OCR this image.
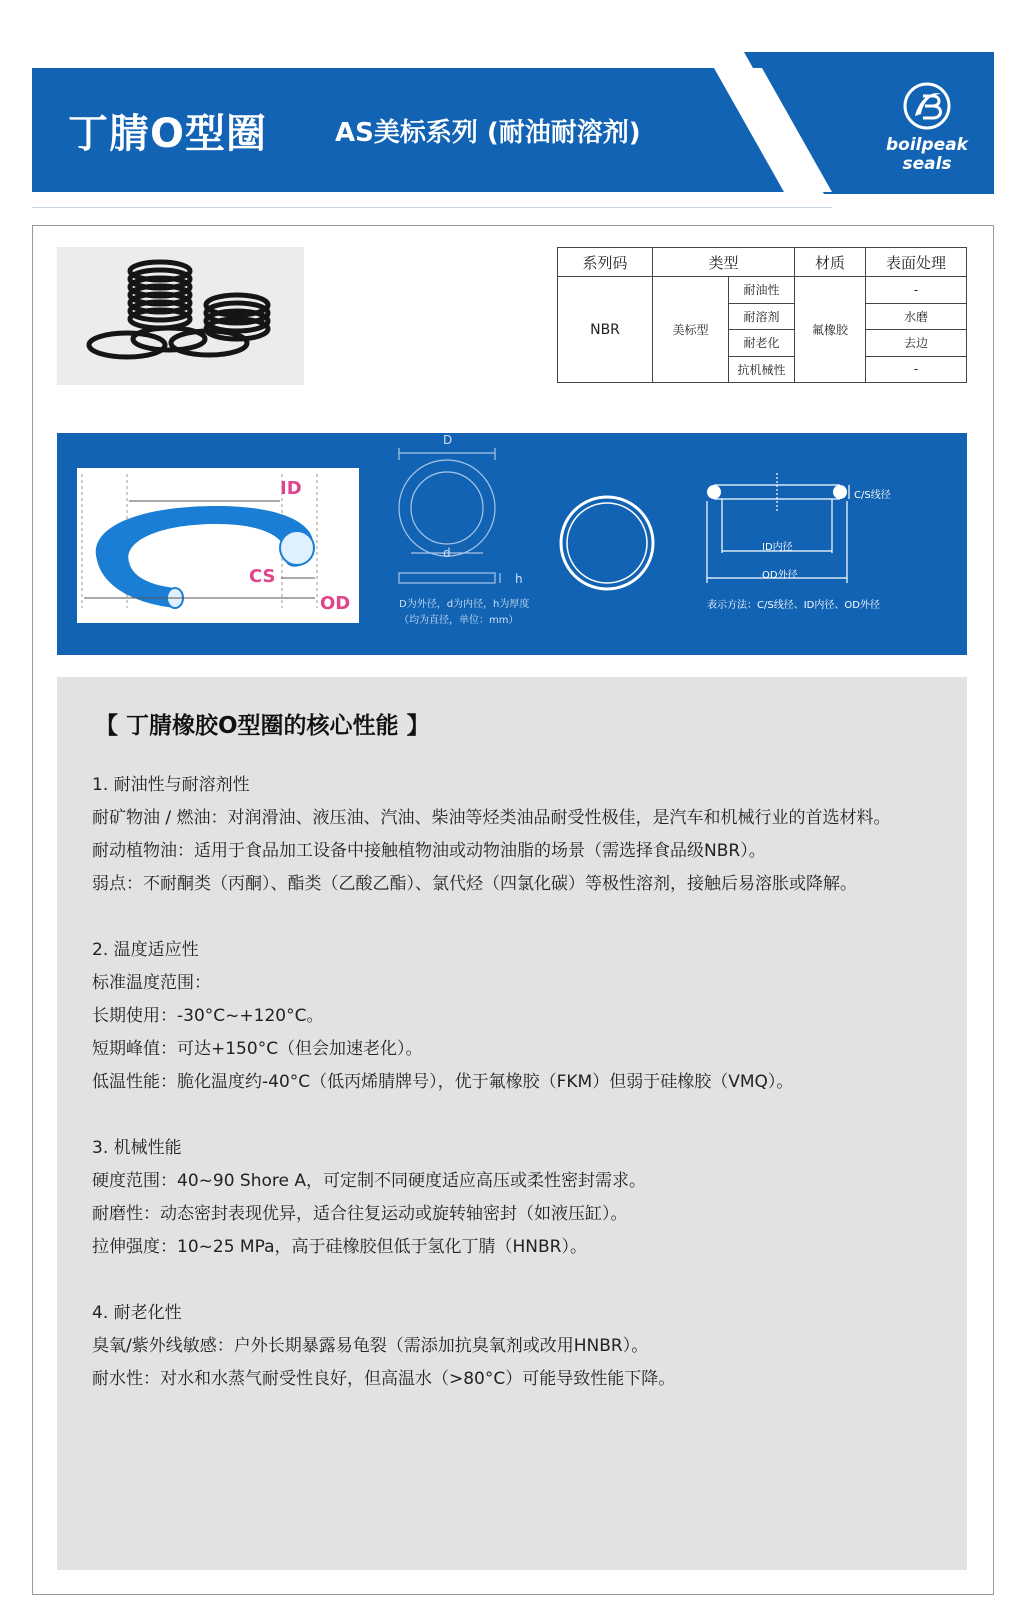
丁腈O型圈	AS美标系列 (耐油耐溶剂)	boilpeak
seals
系列码	类型		材质	表面处理
NBR	美标型	耐油性	氟橡胶	-
		耐溶剂		水磨
		耐老化		去边
		抗机械性		-
ID
CS
OD
D
d
h
D为外径，d为内径，h为厚度
（均为直径，单位：mm）
C/S线径
ID内径
OD外径
表示方法：C/S线径、ID内径、OD外径
【 丁腈橡胶O型圈的核心性能 】
1. 耐油性与耐溶剂性
耐矿物油 / 燃油：对润滑油、液压油、汽油、柴油等烃类油品耐受性极佳，是汽车和机械行业的首选材料。
耐动植物油：适用于食品加工设备中接触植物油或动物油脂的场景（需选择食品级NBR）。
弱点：不耐酮类（丙酮）、酯类（乙酸乙酯）、氯代烃（四氯化碳）等极性溶剂，接触后易溶胀或降解。
2. 温度适应性
标准温度范围：
长期使用：-30°C~+120°C。
短期峰值：可达+150°C（但会加速老化）。
低温性能：脆化温度约-40°C（低丙烯腈牌号），优于氟橡胶（FKM）但弱于硅橡胶（VMQ）。
3. 机械性能
硬度范围：40~90 Shore A，可定制不同硬度适应高压或柔性密封需求。
耐磨性：动态密封表现优异，适合往复运动或旋转轴密封（如液压缸）。
拉伸强度：10~25 MPa，高于硅橡胶但低于氢化丁腈（HNBR）。
4. 耐老化性
臭氧/紫外线敏感：户外长期暴露易龟裂（需添加抗臭氧剂或改用HNBR）。
耐水性：对水和水蒸气耐受性良好，但高温水（>80°C）可能导致性能下降。
